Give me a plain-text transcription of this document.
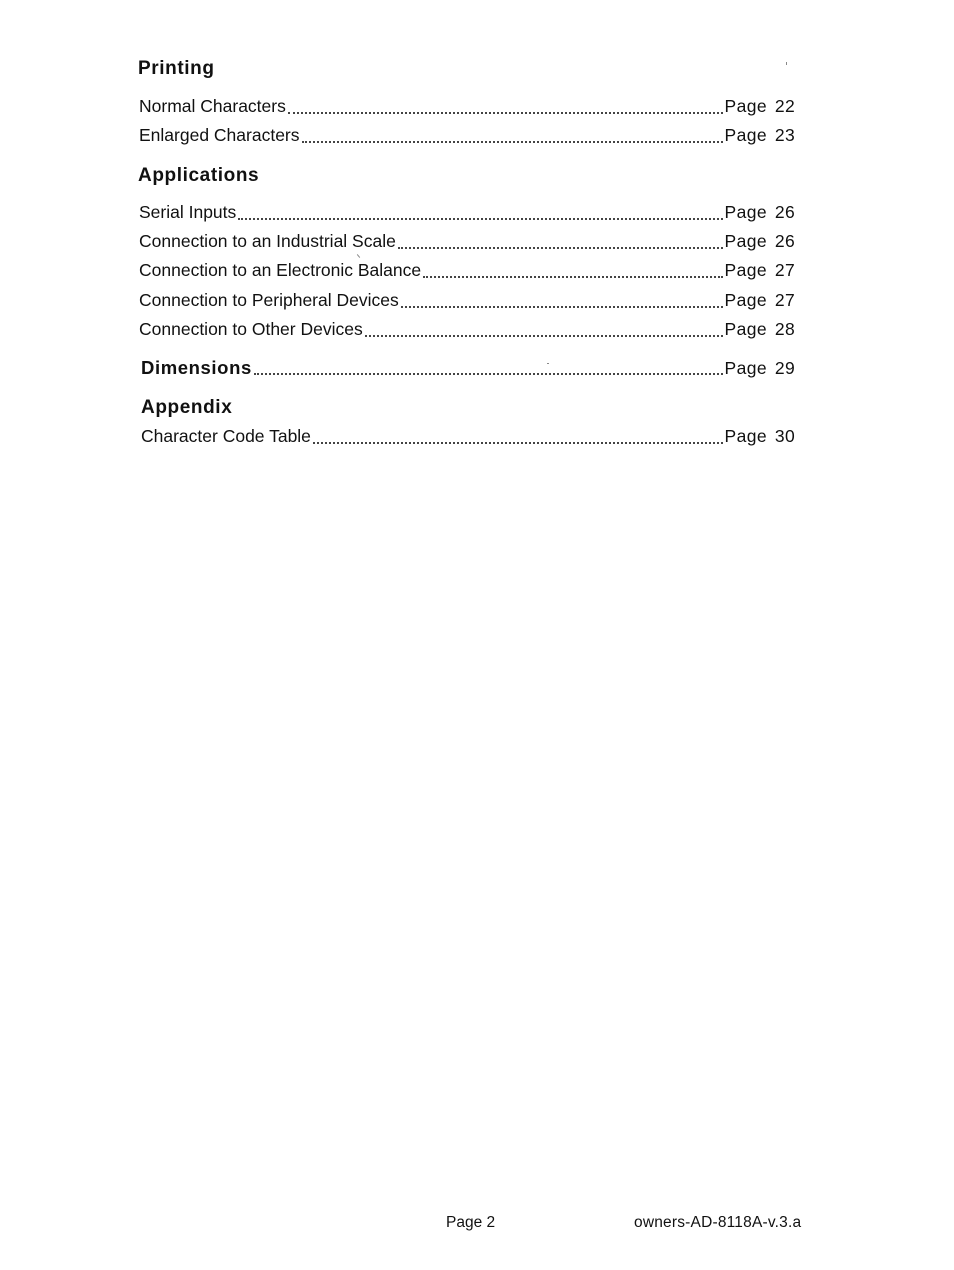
Printing
Normal Characters	Page 22
Enlarged Characters	Page 23
Applications
Serial Inputs	Page 26
Connection to an Industrial Scale	Page 26
Connection to an Electronic Balance	Page 27
Connection to Peripheral Devices	Page 27
Connection to Other Devices	Page 28
Dimensions	Page 29
Appendix
Character Code Table	Page 30
Page 2	owners-AD-8118A-v.3.a
